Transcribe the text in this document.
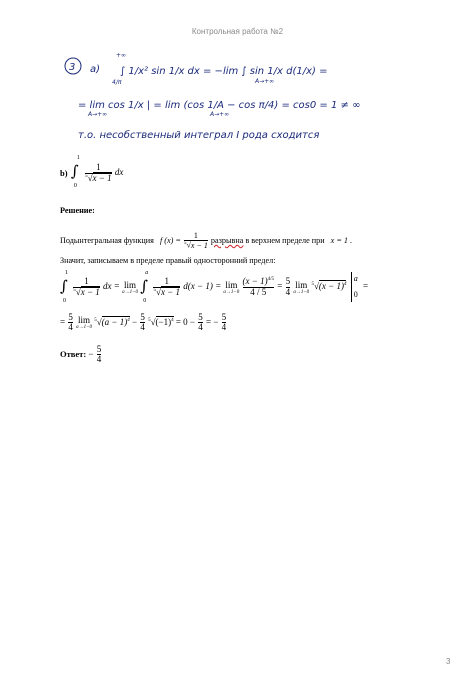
Контрольная работа №2
3 a)
+∞
4/π	A→+∞
∫ 1/x² sin 1/x dx = −lim ∫ sin 1/x d(1/x) =
= lim cos 1/x | = lim (cos 1/A − cos π/4) = cos0 = 1 ≠ ∞
A→+∞	A→+∞
т.о. несобственный интеграл I рода сходится
b) ∫
1
0

$\frac{1}{^5√x - 1}$ dx
Решение:
Подынтегральная функция f $(x) = \frac{1}{^5√x - 1}$ разрывна в верхнем пределе при x = 1 .
Значит, записываем в пределе правый односторонний предел:
∫
1
0

$\frac{1}{^5√x - 1}$ dx = lim
a→1−0
∫
a
0

$\frac{1}{^5√x - 1} d(x - 1) = \lim$
a→1−0
$\frac{(x - 1)^{4/5}}{4 / 5} = \frac{5}{4}$
lim
a→1−0
$^5√(x - 1)^4$
a
0
=
= $\frac{5}{4}$
lim
a→1−0
$^5√(a - 1)^4 - \frac{5}{4} ^5√(-1)^4 = 0 - \frac{5}{4}$ = − $\frac{5}{4}$
Ответ: − $\frac{5}{4}$
3
